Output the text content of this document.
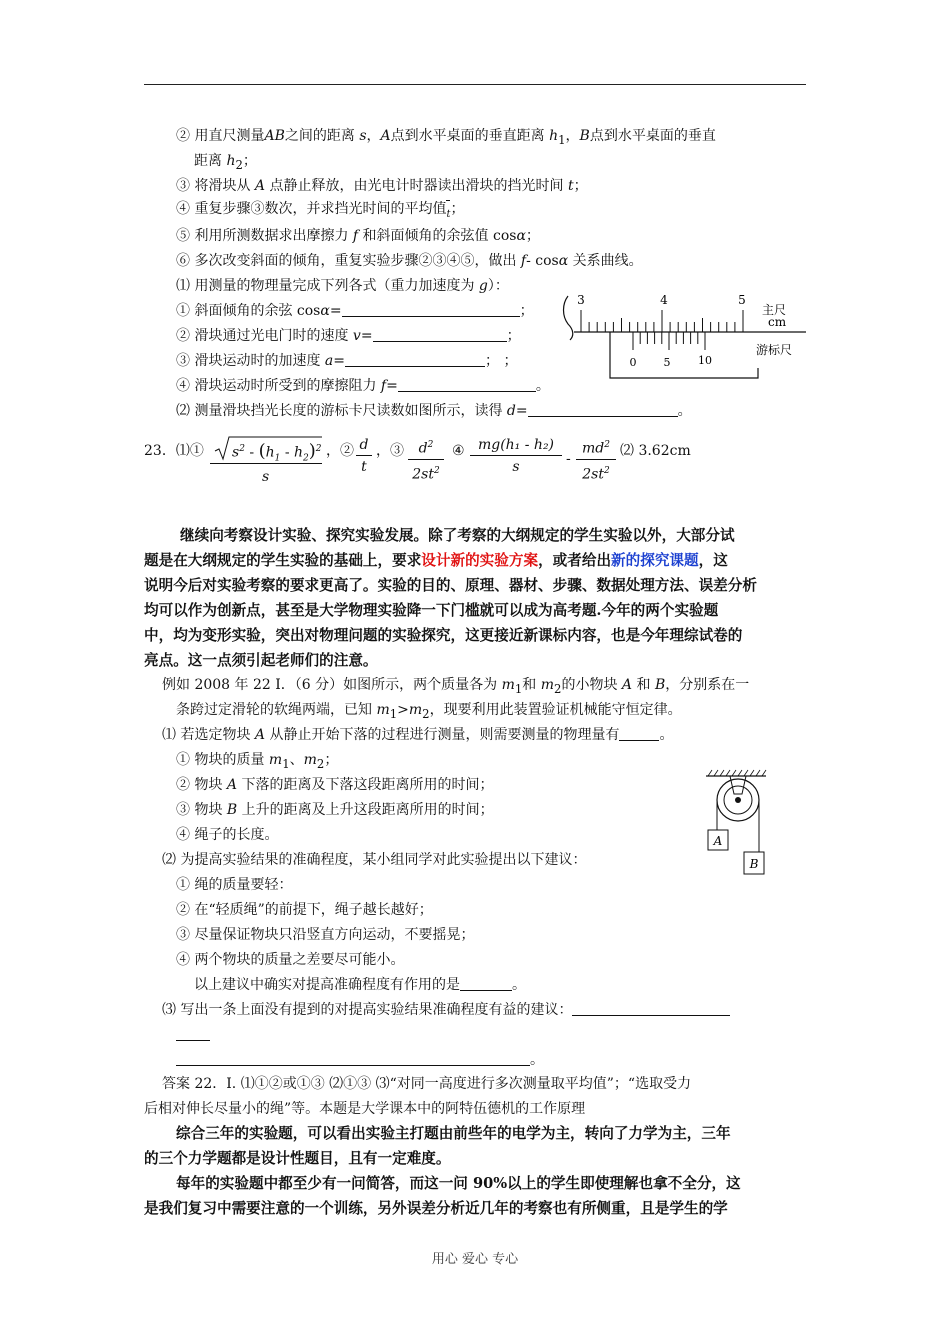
② 用直尺测量AB之间的距离 s，A点到水平桌面的垂直距离 $h_1$，B点到水平桌面的垂直
距离 $h_2$；
③ 将滑块从 A 点静止释放，由光电计时器读出滑块的挡光时间 t；
④ 重复步骤③数次，并求挡光时间的平均值$_t$
；
⑤ 利用所测数据求出摩擦力 f 和斜面倾角的余弦值 cosα；
⑥ 多次改变斜面的倾角，重复实验步骤②③④⑤，做出 f- cosα 关系曲线。
⑴ 用测量的物理量完成下列各式（重力加速度为 g）：
① 斜面倾角的余弦 cosα=	；
② 滑块通过光电门时的速度 v=	；
③ 滑块运动时的加速度 a=	； ；
④ 滑块运动时所受到的摩擦阻力 f=	。
⑵ 测量滑块挡光长度的游标卡尺读数如图所示，读得 d=	。
3	4	5
主尺
cm
0 5	10
游标尺
23．⑴① $s^2 - (h_1 - h_2)^2$
s
，② $\frac{d}{t}$ ，③ $\frac{d^2}{2st^2}$ ④ $\frac{\text{mg(h₁ - h₂)}}{s} - \frac{md^2}{2st^2}$ ⑵ 3.62cm
继续向考察设计实验、探究实验发展。除了考察的大纲规定的学生实验以外，大部分试
题是在大纲规定的学生实验的基础上，要求设计新的实验方案，或者给出新的探究课题，这
说明今后对实验考察的要求更高了。实验的目的、原理、器材、步骤、数据处理方法、误差分析
均可以作为创新点，甚至是大学物理实验降一下门槛就可以成为高考题.今年的两个实验题
中，均为变形实验，突出对物理问题的实验探究，这更接近新课标内容，也是今年理综试卷的
亮点。这一点须引起老师们的注意。
例如 2008 年 22 Ⅰ．（6 分）如图所示，两个质量各为 $m_1$和 $m_2$的小物块 A 和 B，分别系在一
条跨过定滑轮的软绳两端，已知 $m_1>m_2$，现要利用此装置验证机械能守恒定律。
⑴ 若选定物块 A 从静止开始下落的过程进行测量，则需要测量的物理量有	。
① 物块的质量 $m_1$、$m_2$；
② 物块 A 下落的距离及下落这段距离所用的时间；
③ 物块 B 上升的距离及上升这段距离所用的时间；
④ 绳子的长度。
⑵ 为提高实验结果的准确程度，某小组同学对此实验提出以下建议：
① 绳的质量要轻：
② 在“轻质绳”的前提下，绳子越长越好；
③ 尽量保证物块只沿竖直方向运动，不要摇晃；
④ 两个物块的质量之差要尽可能小。
以上建议中确实对提高准确程度有作用的是	。
⑶ 写出一条上面没有提到的对提高实验结果准确程度有益的建议：
。
A
B
答案 22．Ⅰ. ⑴①②或①③ ⑵①③ ⑶“对同一高度进行多次测量取平均值”；“选取受力
后相对伸长尽量小的绳”等。本题是大学课本中的阿特伍德机的工作原理
综合三年的实验题，可以看出实验主打题由前些年的电学为主，转向了力学为主，三年
的三个力学题都是设计性题目，且有一定难度。
每年的实验题中都至少有一问简答，而这一问 90%以上的学生即使理解也拿不全分，这
是我们复习中需要注意的一个训练，另外误差分析近几年的考察也有所侧重，且是学生的学
用心 爱心 专心
